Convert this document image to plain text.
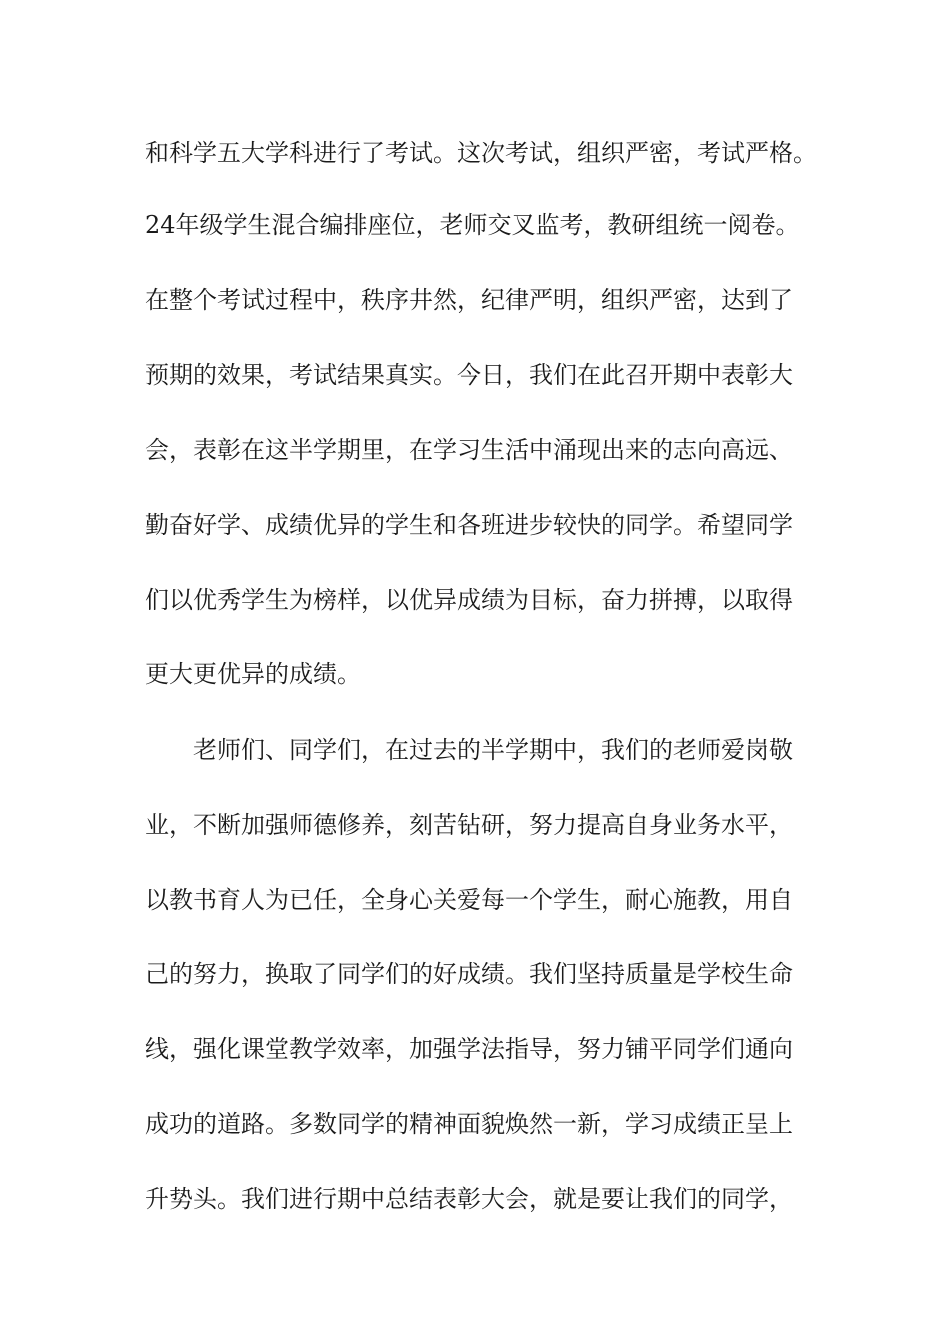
和科学五大学科进行了考试。这次考试，组织严密，考试严格。
24年级学生混合编排座位，老师交叉监考，教研组统一阅卷。
在整个考试过程中，秩序井然，纪律严明，组织严密，达到了
预期的效果，考试结果真实。今日，我们在此召开期中表彰大
会，表彰在这半学期里，在学习生活中涌现出来的志向高远、
勤奋好学、成绩优异的学生和各班进步较快的同学。希望同学
们以优秀学生为榜样，以优异成绩为目标，奋力拼搏，以取得
更大更优异的成绩。
老师们、同学们，在过去的半学期中，我们的老师爱岗敬
业，不断加强师德修养，刻苦钻研，努力提高自身业务水平，
以教书育人为已任，全身心关爱每一个学生，耐心施教，用自
己的努力，换取了同学们的好成绩。我们坚持质量是学校生命
线，强化课堂教学效率，加强学法指导，努力铺平同学们通向
成功的道路。多数同学的精神面貌焕然一新，学习成绩正呈上
升势头。我们进行期中总结表彰大会，就是要让我们的同学，
